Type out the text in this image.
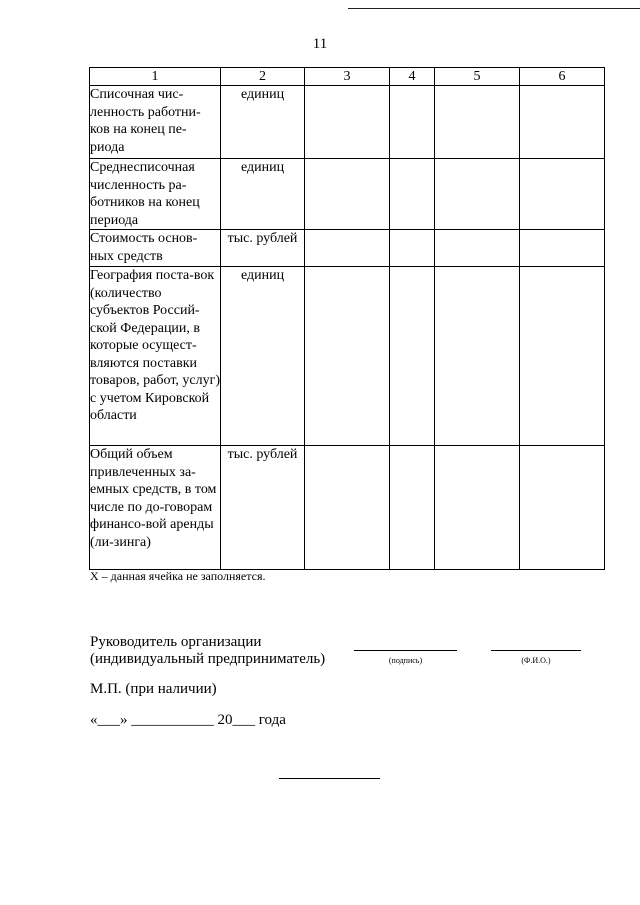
11
1	2	3	4	5	6
Списочная чис-ленность работни-ков на конец пе-риода	единиц				
Среднесписочная численность ра-ботников на конец периода	единиц				
Стоимость основ-ных средств	тыс. рублей				
География поста-вок (количество субъектов Россий-ской Федерации, в которые осущест-вляются поставки товаров, работ, услуг) с учетом Кировской области	единиц				
Общий объем привлеченных за-емных средств, в том числе по до-говорам финансо-вой аренды (ли-зинга)	тыс. рублей				
X – данная ячейка не заполняется.
Руководитель организации
(индивидуальный предприниматель)	(подпись)	(Ф.И.О.)
М.П. (при наличии)
«___» ___________ 20___ года
